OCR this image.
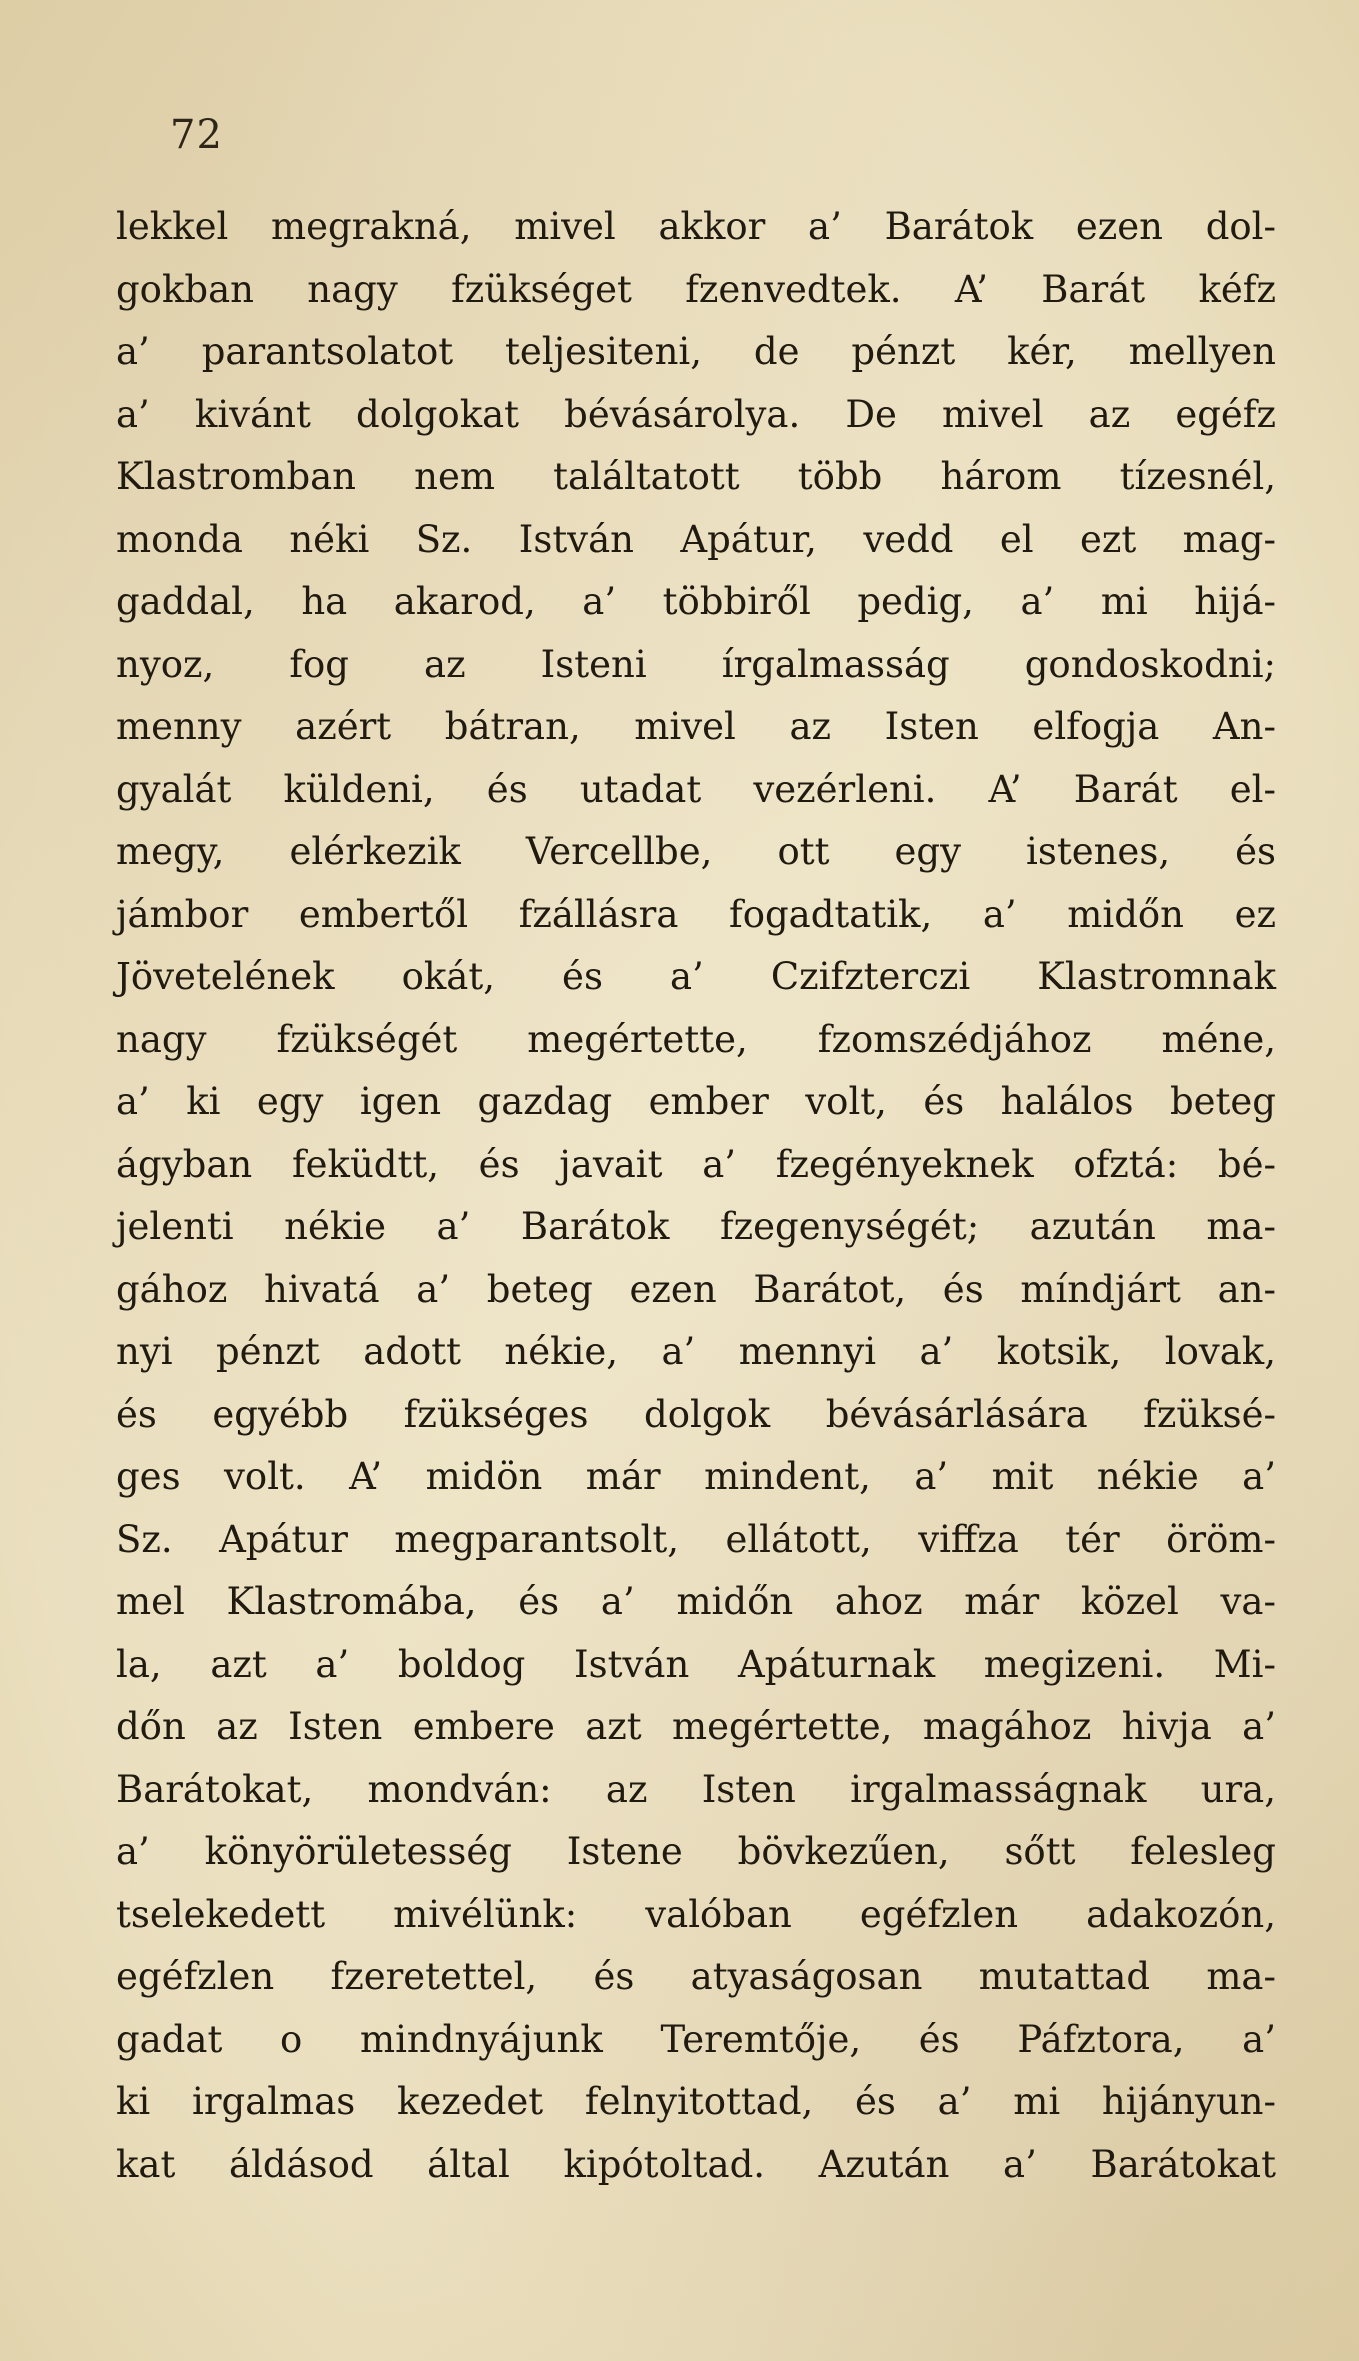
72
lekkel megrakná, mivel akkor a’ Barátok ezen dol-
gokban nagy fzükséget fzenvedtek. A’ Barát kéfz
a’ parantsolatot teljesiteni, de pénzt kér, mellyen
a’ kivánt dolgokat bévásárolya. De mivel az egéfz
Klastromban nem találtatott több három tízesnél,
monda néki Sz. István Apátur, vedd el ezt mag-
gaddal, ha akarod, a’ többiről pedig, a’ mi hijá-
nyoz, fog az Isteni írgalmasság gondoskodni;
menny azért bátran, mivel az Isten elfogja An-
gyalát küldeni, és utadat vezérleni. A’ Barát el-
megy, elérkezik Vercellbe, ott egy istenes, és
jámbor embertől fzállásra fogadtatik, a’ midőn ez
Jövetelének okát, és a’ Czifzterczi Klastromnak
nagy fzükségét megértette, fzomszédjához méne,
a’ ki egy igen gazdag ember volt, és halálos beteg
ágyban feküdtt, és javait a’ fzegényeknek ofztá: bé-
jelenti nékie a’ Barátok fzegenységét; azután ma-
gához hivatá a’ beteg ezen Barátot, és míndjárt an-
nyi pénzt adott nékie, a’ mennyi a’ kotsik, lovak,
és egyébb fzükséges dolgok bévásárlására fzüksé-
ges volt. A’ midön már mindent, a’ mit nékie a’
Sz. Apátur megparantsolt, ellátott, viffza tér öröm-
mel Klastromába, és a’ midőn ahoz már közel va-
la, azt a’ boldog István Apáturnak megizeni. Mi-
dőn az Isten embere azt megértette, magához hivja a’
Barátokat, mondván: az Isten irgalmasságnak ura,
a’ könyörületesség Istene bövkezűen, sőtt felesleg
tselekedett mivélünk: valóban egéfzlen adakozón,
egéfzlen fzeretettel, és atyaságosan mutattad ma-
gadat o mindnyájunk Teremtője, és Páfztora, a’
ki irgalmas kezedet felnyitottad, és a’ mi hijányun-
kat áldásod által kipótoltad. Azután a’ Barátokat
